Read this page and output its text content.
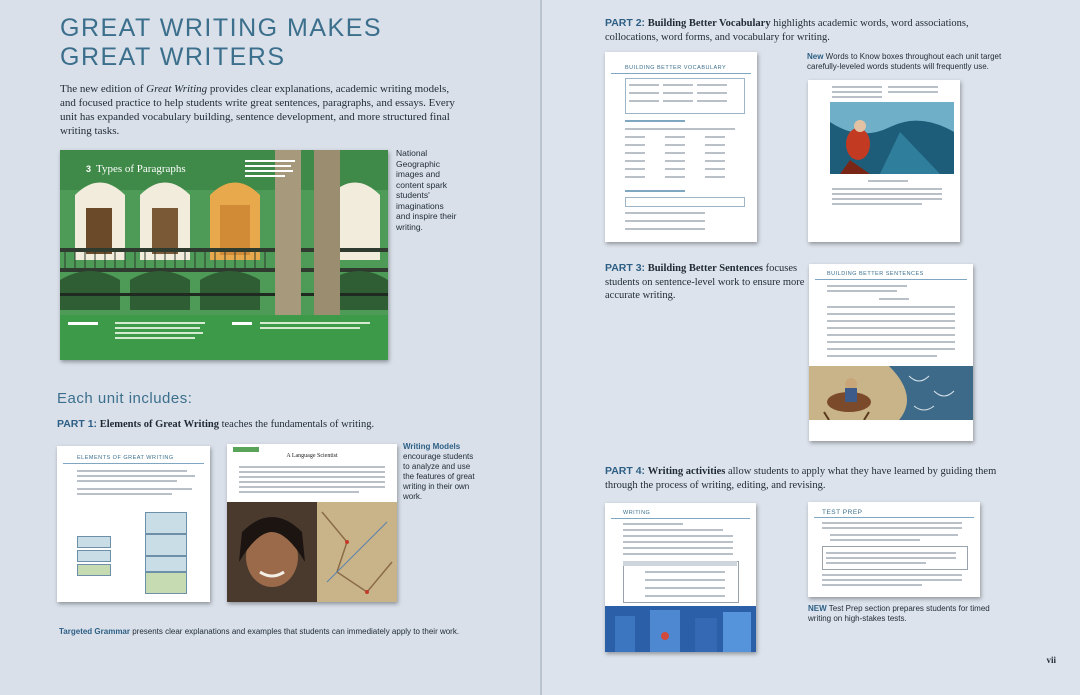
GREAT WRITING MAKES
GREAT WRITERS

The new edition of Great Writing provides clear explanations, academic writing models, and focused practice to help students write great sentences, paragraphs, and essays. Every unit has expanded vocabulary building, sentence development, and more structured final writing tasks.

3 Types of Paragraphs
National Geographic images and content spark students' imaginations and inspire their writing.
Each unit includes:
PART 1: Elements of Great Writing teaches the fundamentals of writing.
ELEMENTS OF GREAT WRITING	A Language Scientist
Writing Models encourage students to analyze and use the features of great writing in their own work.
Targeted Grammar presents clear explanations and examples that students can immediately apply to their work.
PART 2: Building Better Vocabulary highlights academic words, word associations, collocations, word forms, and vocabulary for writing.
BUILDING BETTER VOCABULARY
New Words to Know boxes throughout each unit target carefully-leveled words students will frequently use.
PART 3: Building Better Sentences focuses students on sentence-level work to ensure more accurate writing.
BUILDING BETTER SENTENCES
PART 4: Writing activities allow students to apply what they have learned by guiding them through the process of writing, editing, and revising.
WRITING	TEST PREP
NEW Test Prep section prepares students for timed writing on high-stakes tests.
vii
